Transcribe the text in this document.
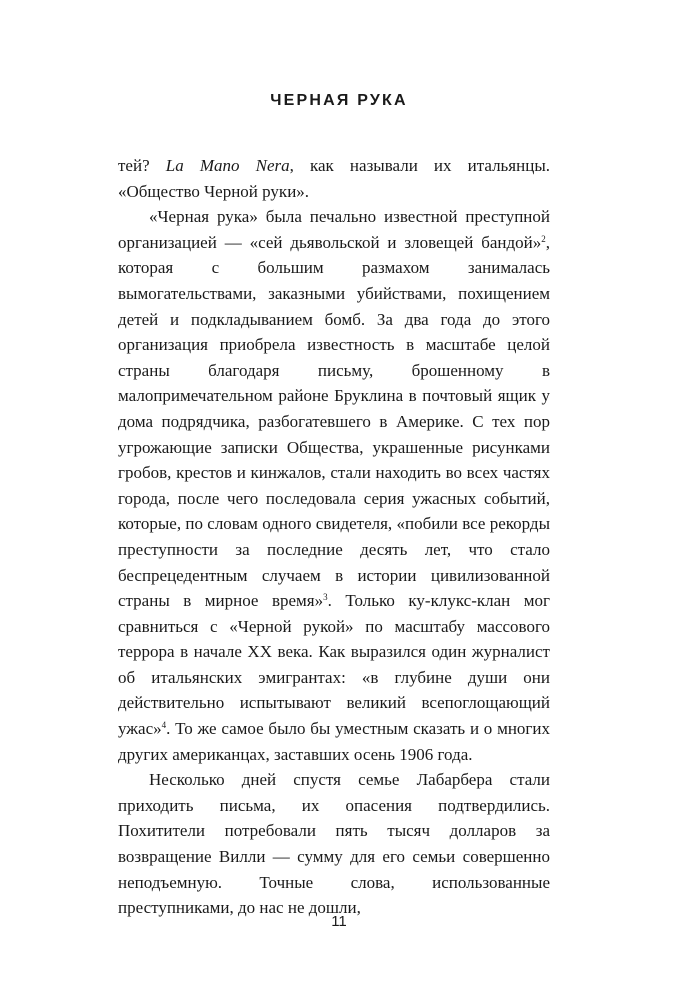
ЧЕРНАЯ РУКА

тей? La Mano Nera, как называли их итальянцы. «Общество Черной руки».

«Черная рука» была печально известной преступной организацией — «сей дьявольской и зловещей бандой»$^2$, которая с большим размахом занималась вымогательствами, заказными убийствами, похищением детей и подкладыванием бомб. За два года до этого организация приобрела известность в масштабе целой страны благодаря письму, брошенному в малопримечательном районе Бруклина в почтовый ящик у дома подрядчика, разбогатевшего в Америке. С тех пор угрожающие записки Общества, украшенные рисунками гробов, крестов и кинжалов, стали находить во всех частях города, после чего последовала серия ужасных событий, которые, по словам одного свидетеля, «побили все рекорды преступности за последние десять лет, что стало беспрецедентным случаем в истории цивилизованной страны в мирное время»$^3$. Только ку-клукс-клан мог сравниться с «Черной рукой» по масштабу массового террора в начале XX века. Как выразился один журналист об итальянских эмигрантах: «в глубине души они действительно испытывают великий всепоглощающий ужас»$^4$. То же самое было бы уместным сказать и о многих других американцах, заставших осень 1906 года.

Несколько дней спустя семье Лабарбера стали приходить письма, их опасения подтвердились. Похитители потребовали пять тысяч долларов за возвращение Вилли — сумму для его семьи совершенно неподъемную. Точные слова, использованные преступниками, до нас не дошли,

11
